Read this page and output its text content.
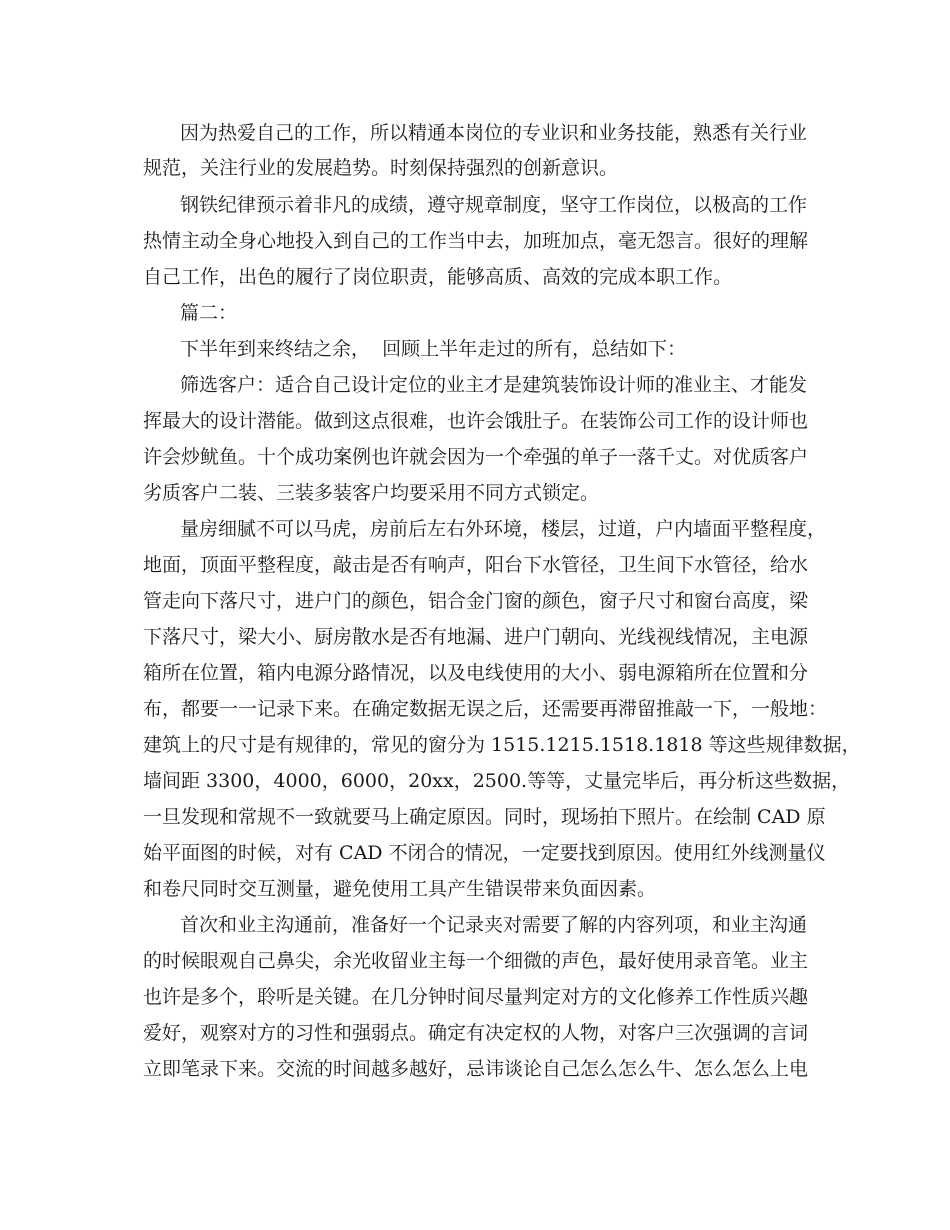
因为热爱自己的工作，所以精通本岗位的专业识和业务技能，熟悉有关行业
规范，关注行业的发展趋势。时刻保持强烈的创新意识。
钢铁纪律预示着非凡的成绩，遵守规章制度，坚守工作岗位，以极高的工作
热情主动全身心地投入到自己的工作当中去，加班加点，毫无怨言。很好的理解
自己工作，出色的履行了岗位职责，能够高质、高效的完成本职工作。
篇二：
下半年到来终结之余，  回顾上半年走过的所有，总结如下：
筛选客户：适合自己设计定位的业主才是建筑装饰设计师的准业主、才能发
挥最大的设计潜能。做到这点很难，也许会饿肚子。在装饰公司工作的设计师也
许会炒鱿鱼。十个成功案例也许就会因为一个牵强的单子一落千丈。对优质客户
劣质客户二装、三装多装客户均要采用不同方式锁定。
量房细腻不可以马虎，房前后左右外环境，楼层，过道，户内墙面平整程度，
地面，顶面平整程度，敲击是否有响声，阳台下水管径，卫生间下水管径，给水
管走向下落尺寸，进户门的颜色，铝合金门窗的颜色，窗子尺寸和窗台高度，梁
下落尺寸，梁大小、厨房散水是否有地漏、进户门朝向、光线视线情况，主电源
箱所在位置，箱内电源分路情况，以及电线使用的大小、弱电源箱所在位置和分
布，都要一一记录下来。在确定数据无误之后，还需要再滞留推敲一下，一般地：
建筑上的尺寸是有规律的，常见的窗分为 1515.1215.1518.1818 等这些规律数据，
墙间距 3300，4000，6000，20xx，2500.等等，丈量完毕后，再分析这些数据，
一旦发现和常规不一致就要马上确定原因。同时，现场拍下照片。在绘制 CAD 原
始平面图的时候，对有 CAD 不闭合的情况，一定要找到原因。使用红外线测量仪
和卷尺同时交互测量，避免使用工具产生错误带来负面因素。
首次和业主沟通前，准备好一个记录夹对需要了解的内容列项，和业主沟通
的时候眼观自己鼻尖，余光收留业主每一个细微的声色，最好使用录音笔。业主
也许是多个，聆听是关键。在几分钟时间尽量判定对方的文化修养工作性质兴趣
爱好，观察对方的习性和强弱点。确定有决定权的人物，对客户三次强调的言词
立即笔录下来。交流的时间越多越好，忌讳谈论自己怎么怎么牛、怎么怎么上电
